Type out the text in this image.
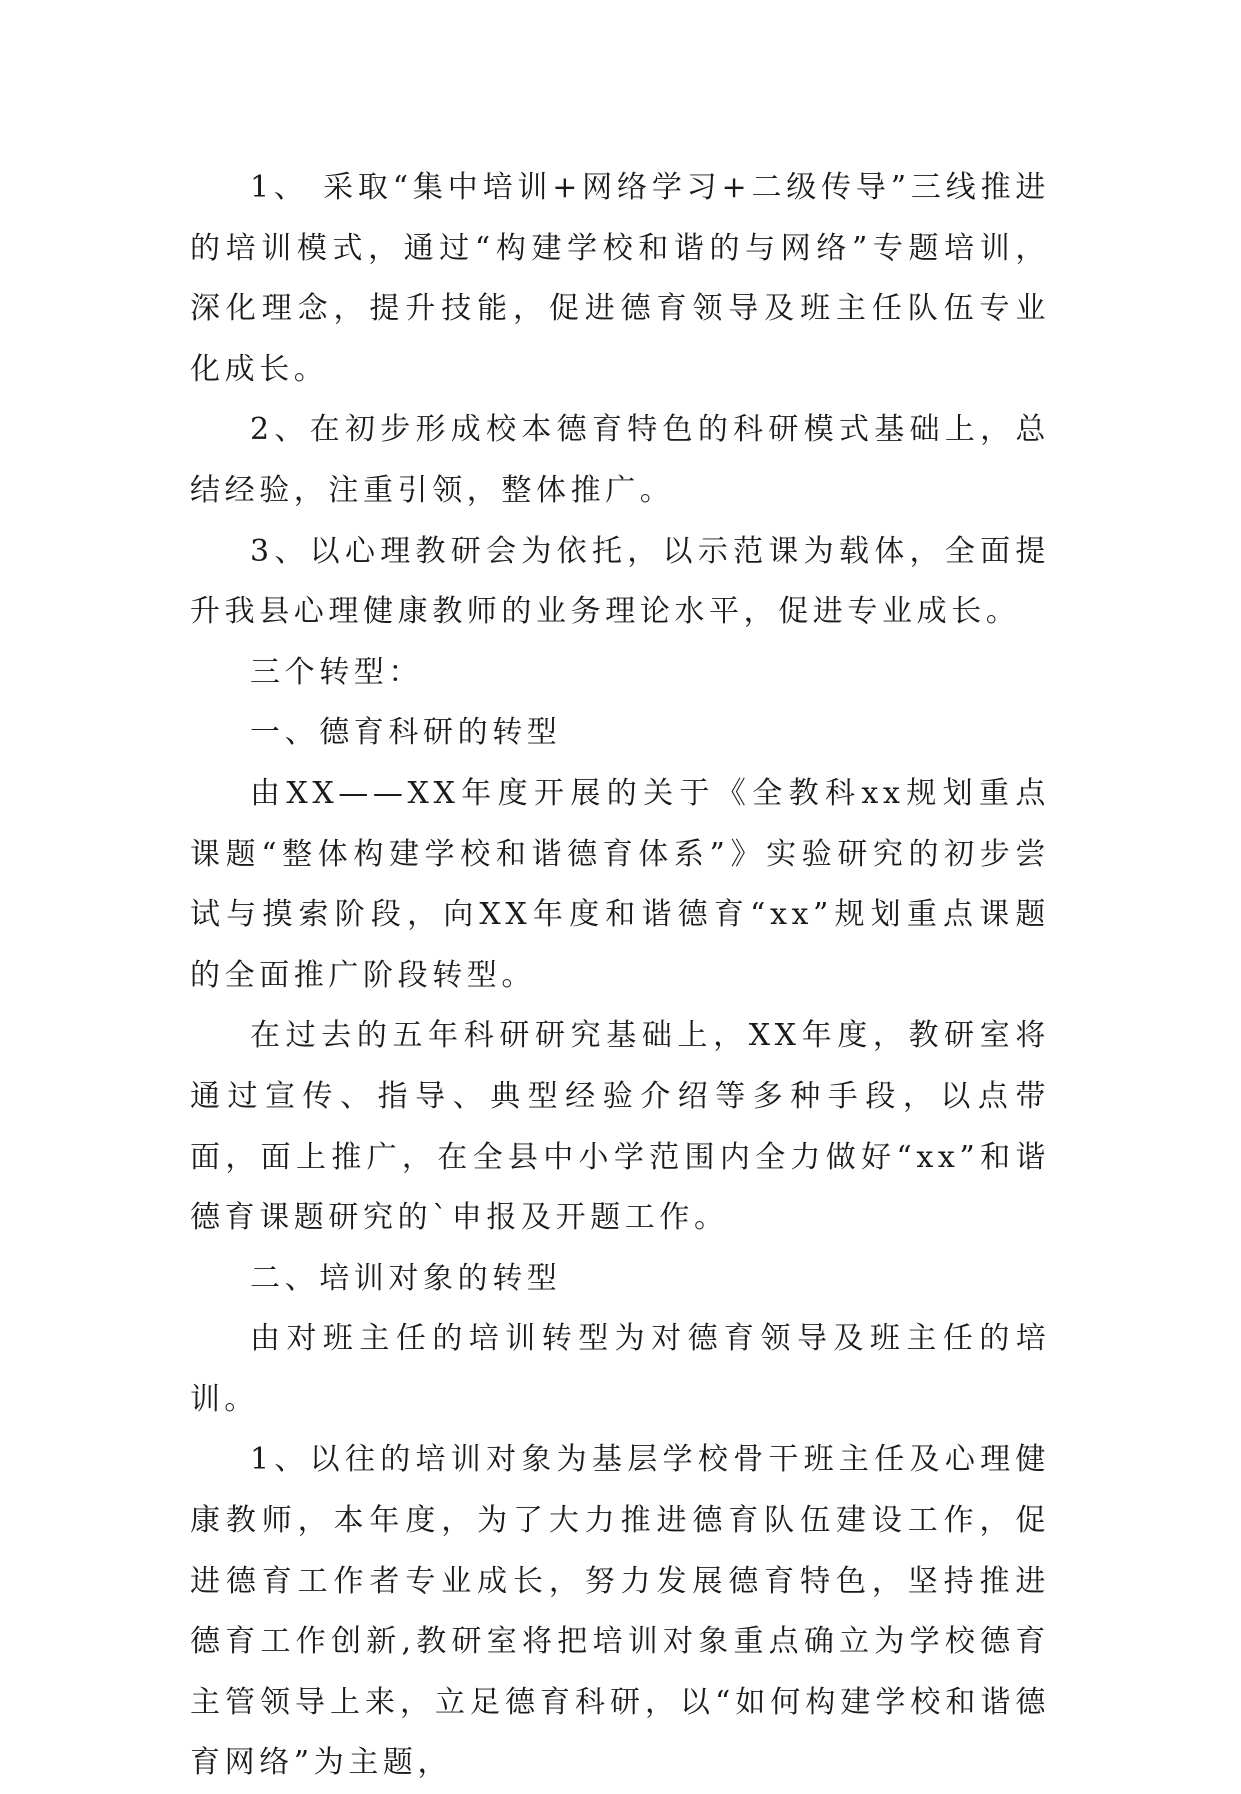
1、 采取“集中培训+网络学习+二级传导”三线推进的培训模式，通过“构建学校和谐的与网络”专题培训，深化理念，提升技能，促进德育领导及班主任队伍专业化成长。

2、在初步形成校本德育特色的科研模式基础上，总结经验，注重引领，整体推广。

3、以心理教研会为依托，以示范课为载体，全面提升我县心理健康教师的业务理论水平，促进专业成长。

三个转型：

一、德育科研的转型

由XX——XX年度开展的关于《全教科xx规划重点课题“整体构建学校和谐德育体系”》实验研究的初步尝试与摸索阶段，向XX年度和谐德育“xx”规划重点课题的全面推广阶段转型。

在过去的五年科研研究基础上，XX年度，教研室将通过宣传、指导、典型经验介绍等多种手段，以点带面，面上推广，在全县中小学范围内全力做好“xx”和谐德育课题研究的`申报及开题工作。

二、培训对象的转型

由对班主任的培训转型为对德育领导及班主任的培训。

1、以往的培训对象为基层学校骨干班主任及心理健康教师，本年度，为了大力推进德育队伍建设工作，促进德育工作者专业成长，努力发展德育特色，坚持推进德育工作创新,教研室将把培训对象重点确立为学校德育主管领导上来，立足德育科研，以“如何构建学校和谐德育网络”为主题，
